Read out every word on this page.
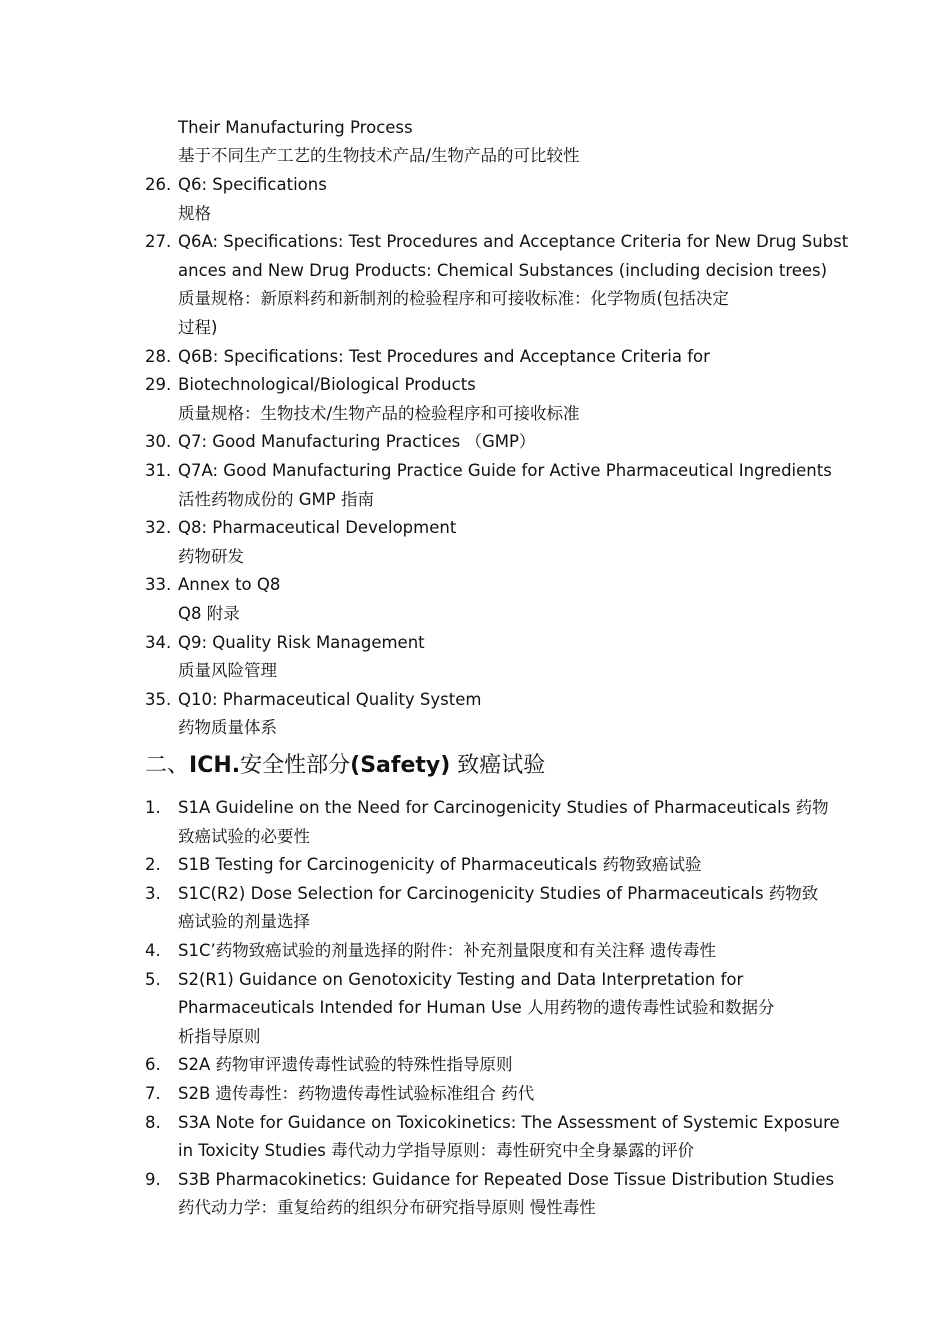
Their Manufacturing Process
基于不同生产工艺的生物技术产品/生物产品的可比较性
26. Q6: Specifications
规格
27. Q6A: Specifications: Test Procedures and Acceptance Criteria for New Drug Subst
ances and New Drug Products: Chemical Substances (including decision trees)
质量规格：新原料药和新制剂的检验程序和可接收标准：化学物质(包括决定
过程)
28. Q6B: Specifications: Test Procedures and Acceptance Criteria for
29. Biotechnological/Biological Products
质量规格：生物技术/生物产品的检验程序和可接收标准
30. Q7: Good Manufacturing Practices （GMP）
31. Q7A: Good Manufacturing Practice Guide for Active Pharmaceutical Ingredients
活性药物成份的 GMP 指南
32. Q8: Pharmaceutical Development
药物研发
33. Annex to Q8
Q8 附录
34. Q9: Quality Risk Management
质量风险管理
35. Q10: Pharmaceutical Quality System
药物质量体系
二、ICH.安全性部分(Safety) 致癌试验
1.	S1A Guideline on the Need for Carcinogenicity Studies of Pharmaceuticals 药物
致癌试验的必要性
2.	S1B Testing for Carcinogenicity of Pharmaceuticals 药物致癌试验
3.	S1C(R2) Dose Selection for Carcinogenicity Studies of Pharmaceuticals 药物致
癌试验的剂量选择
4.	S1C’药物致癌试验的剂量选择的附件：补充剂量限度和有关注释 遗传毒性
5.	S2(R1) Guidance on Genotoxicity Testing and Data Interpretation for
Pharmaceuticals Intended for Human Use 人用药物的遗传毒性试验和数据分
析指导原则
6.	S2A 药物审评遗传毒性试验的特殊性指导原则
7.	S2B 遗传毒性：药物遗传毒性试验标准组合 药代
8.	S3A Note for Guidance on Toxicokinetics: The Assessment of Systemic Exposure
in Toxicity Studies 毒代动力学指导原则：毒性研究中全身暴露的评价
9.	S3B Pharmacokinetics: Guidance for Repeated Dose Tissue Distribution Studies
药代动力学：重复给药的组织分布研究指导原则 慢性毒性
